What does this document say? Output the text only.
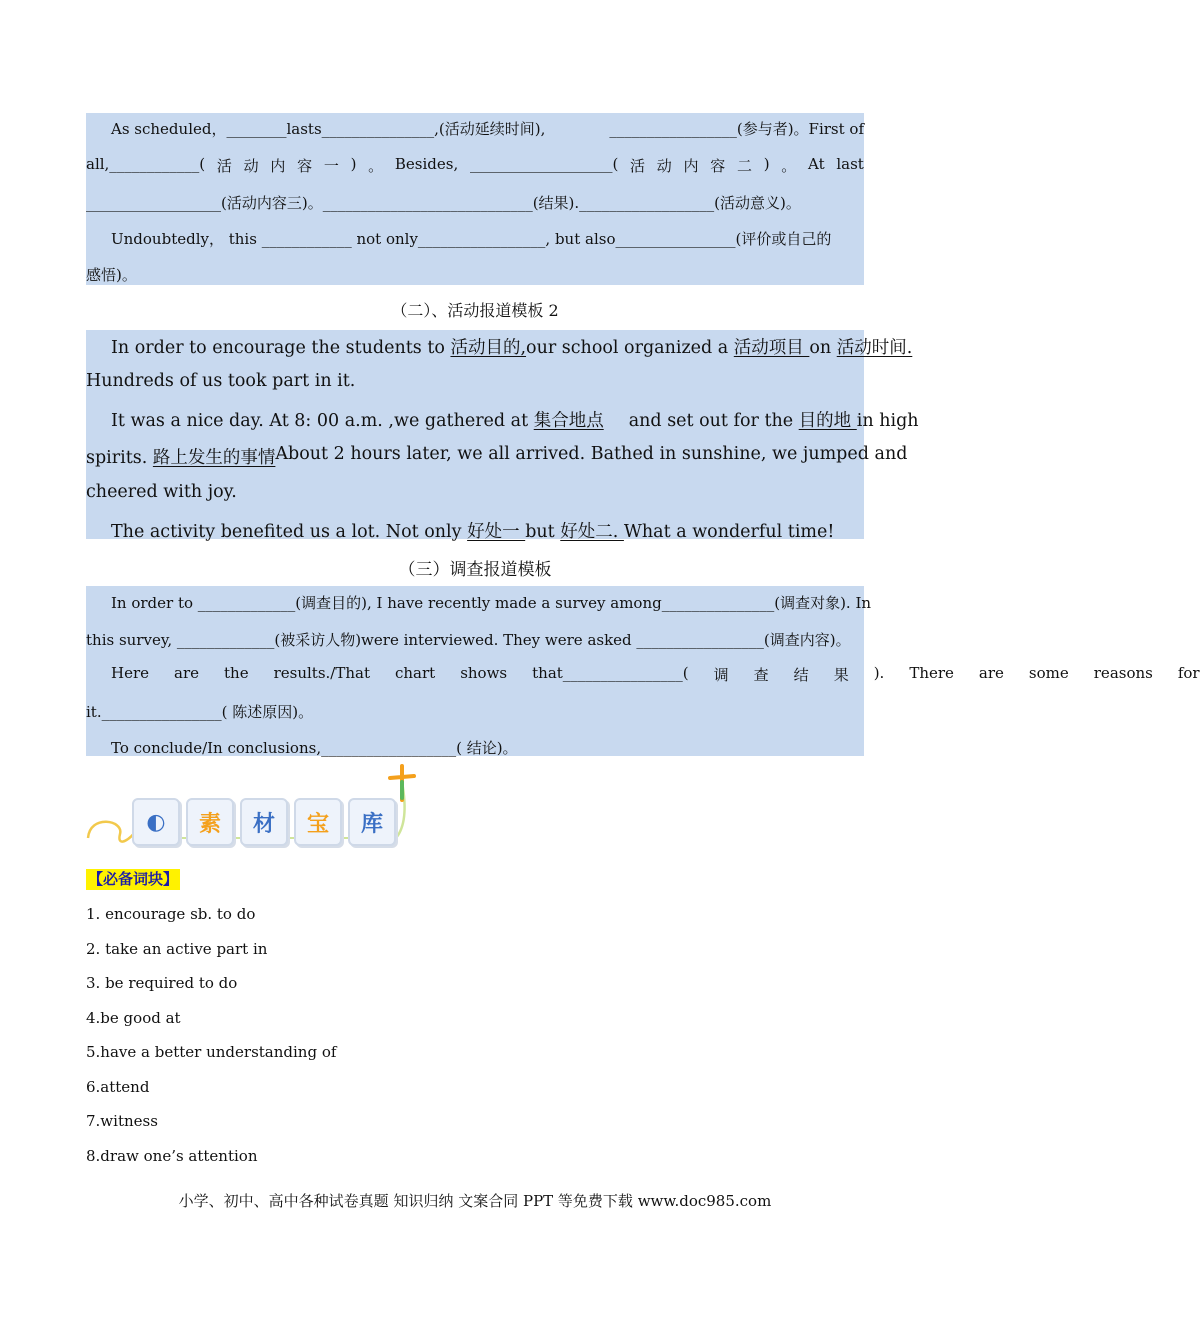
As scheduled，________lasts_______________,(活动延续时间),	_________________(参与者)。First of
all,____________( 活 动 内 容 一 ) 。 Besides, ___________________( 活 动 内 容 二 ) 。 At last
__________________(活动内容三)。____________________________(结果).__________________(活动意义)。
Undoubtedly， this ____________ not only_________________, but also________________(评价或自己的
感悟)。
（二）、活动报道模板 2
In order to encourage the students to 活动目的,our school organized a 活动项目 on 活动时间.
Hundreds of us took part in it.
It was a nice day. At 8: 00 a.m. ,we gathered at 集合地点	and set out for the 目的地 in high
spirits. 路上发生的事情 About 2 hours later, we all arrived. Bathed in sunshine, we jumped and
cheered with joy.
The activity benefited us a lot. Not only 好处一 but 好处二. What a wonderful time!
（三）调查报道模板
In order to _____________(调查目的), I have recently made a survey among_______________(调查对象). In
this survey, _____________(被采访人物)were interviewed. They were asked _________________(调查内容)。
Here	are	the	results./That	chart	shows	that________________(	调	查	结	果	).	There	are	some	reasons	for
it.________________( 陈述原因)。
To conclude/In conclusions,__________________( 结论)。
◐	素	材	宝	库
【必备词块】
1. encourage sb. to do
2. take an active part in
3. be required to do
4.be good at
5.have a better understanding of
6.attend
7.witness
8.draw one’s attention
小学、初中、高中各种试卷真题 知识归纳 文案合同 PPT 等免费下载 www.doc985.com
